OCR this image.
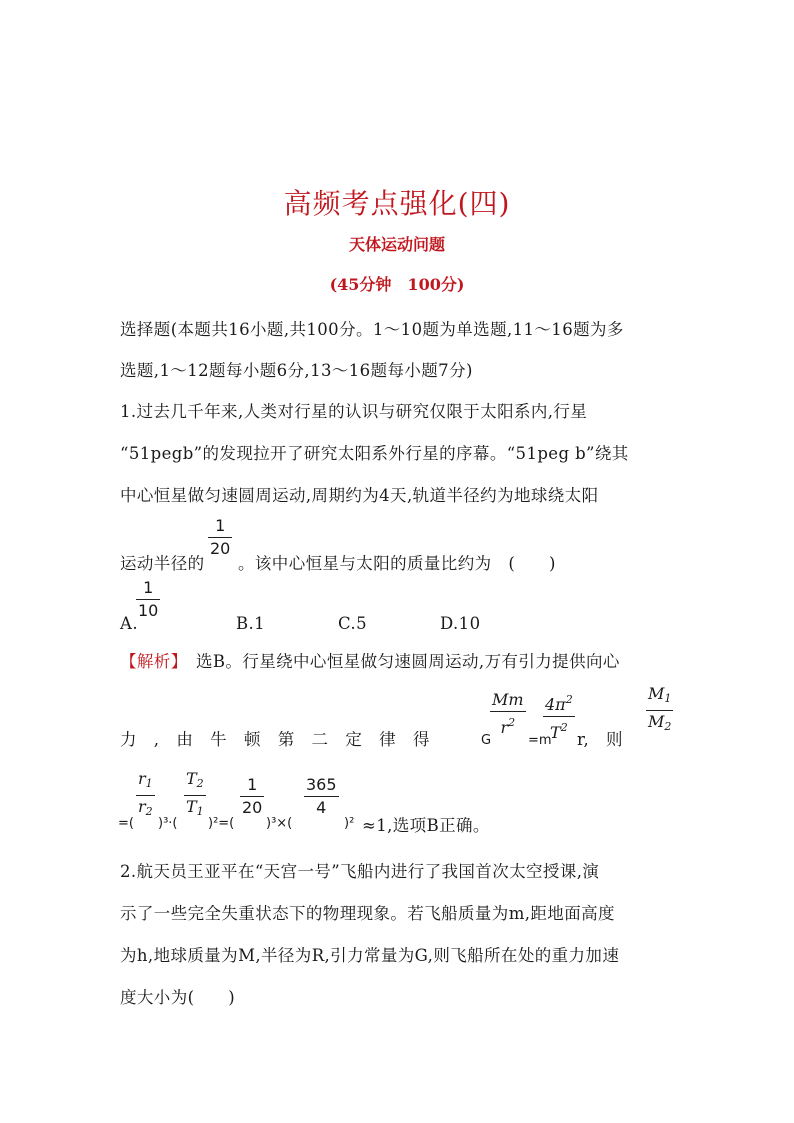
高频考点强化(四)
天体运动问题
(45分钟　100分)
选择题(本题共16小题,共100分。1～10题为单选题,11～16题为多
选题,1～12题每小题6分,13～16题每小题7分)
1.过去几千年来,人类对行星的认识与研究仅限于太阳系内,行星
“51pegb”的发现拉开了研究太阳系外行星的序幕。“51peg b”绕其
中心恒星做匀速圆周运动,周期约为4天,轨道半径约为地球绕太阳
运动半径的
1
20
。该中心恒星与太阳的质量比约为　(　　)
A.
1
10
B.1	C.5	D.10
【解析】 选B。行星绕中心恒星做匀速圆周运动,万有引力提供向心
力　,　由　牛　顿　第　二　定　律　得	G
Mm
$r^2$
=m
$4\pi^2$
$T^2$
r,　则
$M_1$
$M_2$
$r_1$
$r_2$
=( )³·(
$T_2$
$T_1$
)²=(
1
20
)³×(
365
4
)² ≈1,选项B正确。
2.航天员王亚平在“天宫一号”飞船内进行了我国首次太空授课,演
示了一些完全失重状态下的物理现象。若飞船质量为m,距地面高度
为h,地球质量为M,半径为R,引力常量为G,则飞船所在处的重力加速
度大小为(　　)
